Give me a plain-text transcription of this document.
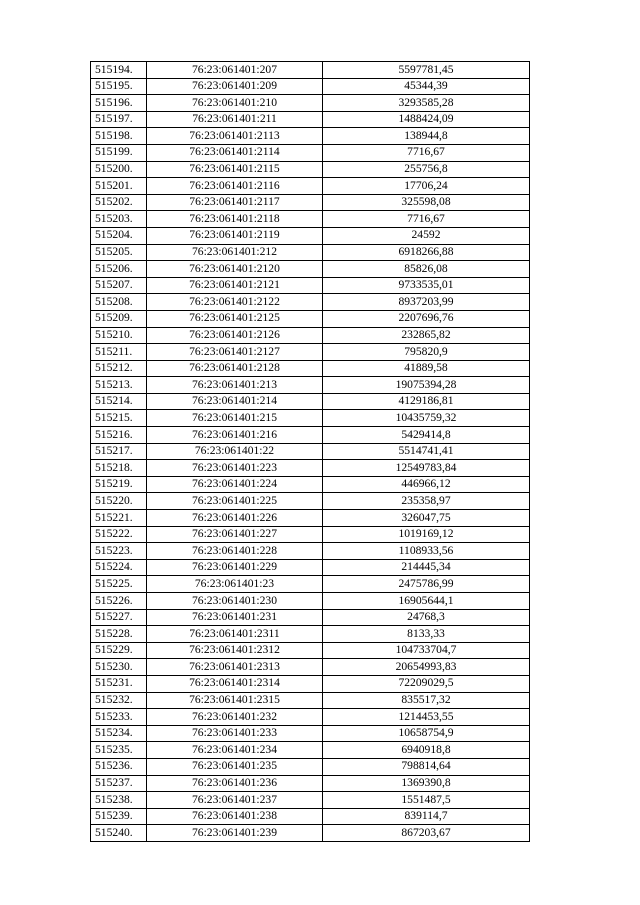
515194.	76:23:061401:207	5597781,45
515195.	76:23:061401:209	45344,39
515196.	76:23:061401:210	3293585,28
515197.	76:23:061401:211	1488424,09
515198.	76:23:061401:2113	138944,8
515199.	76:23:061401:2114	7716,67
515200.	76:23:061401:2115	255756,8
515201.	76:23:061401:2116	17706,24
515202.	76:23:061401:2117	325598,08
515203.	76:23:061401:2118	7716,67
515204.	76:23:061401:2119	24592
515205.	76:23:061401:212	6918266,88
515206.	76:23:061401:2120	85826,08
515207.	76:23:061401:2121	9733535,01
515208.	76:23:061401:2122	8937203,99
515209.	76:23:061401:2125	2207696,76
515210.	76:23:061401:2126	232865,82
515211.	76:23:061401:2127	795820,9
515212.	76:23:061401:2128	41889,58
515213.	76:23:061401:213	19075394,28
515214.	76:23:061401:214	4129186,81
515215.	76:23:061401:215	10435759,32
515216.	76:23:061401:216	5429414,8
515217.	76:23:061401:22	5514741,41
515218.	76:23:061401:223	12549783,84
515219.	76:23:061401:224	446966,12
515220.	76:23:061401:225	235358,97
515221.	76:23:061401:226	326047,75
515222.	76:23:061401:227	1019169,12
515223.	76:23:061401:228	1108933,56
515224.	76:23:061401:229	214445,34
515225.	76:23:061401:23	2475786,99
515226.	76:23:061401:230	16905644,1
515227.	76:23:061401:231	24768,3
515228.	76:23:061401:2311	8133,33
515229.	76:23:061401:2312	104733704,7
515230.	76:23:061401:2313	20654993,83
515231.	76:23:061401:2314	72209029,5
515232.	76:23:061401:2315	835517,32
515233.	76:23:061401:232	1214453,55
515234.	76:23:061401:233	10658754,9
515235.	76:23:061401:234	6940918,8
515236.	76:23:061401:235	798814,64
515237.	76:23:061401:236	1369390,8
515238.	76:23:061401:237	1551487,5
515239.	76:23:061401:238	839114,7
515240.	76:23:061401:239	867203,67
